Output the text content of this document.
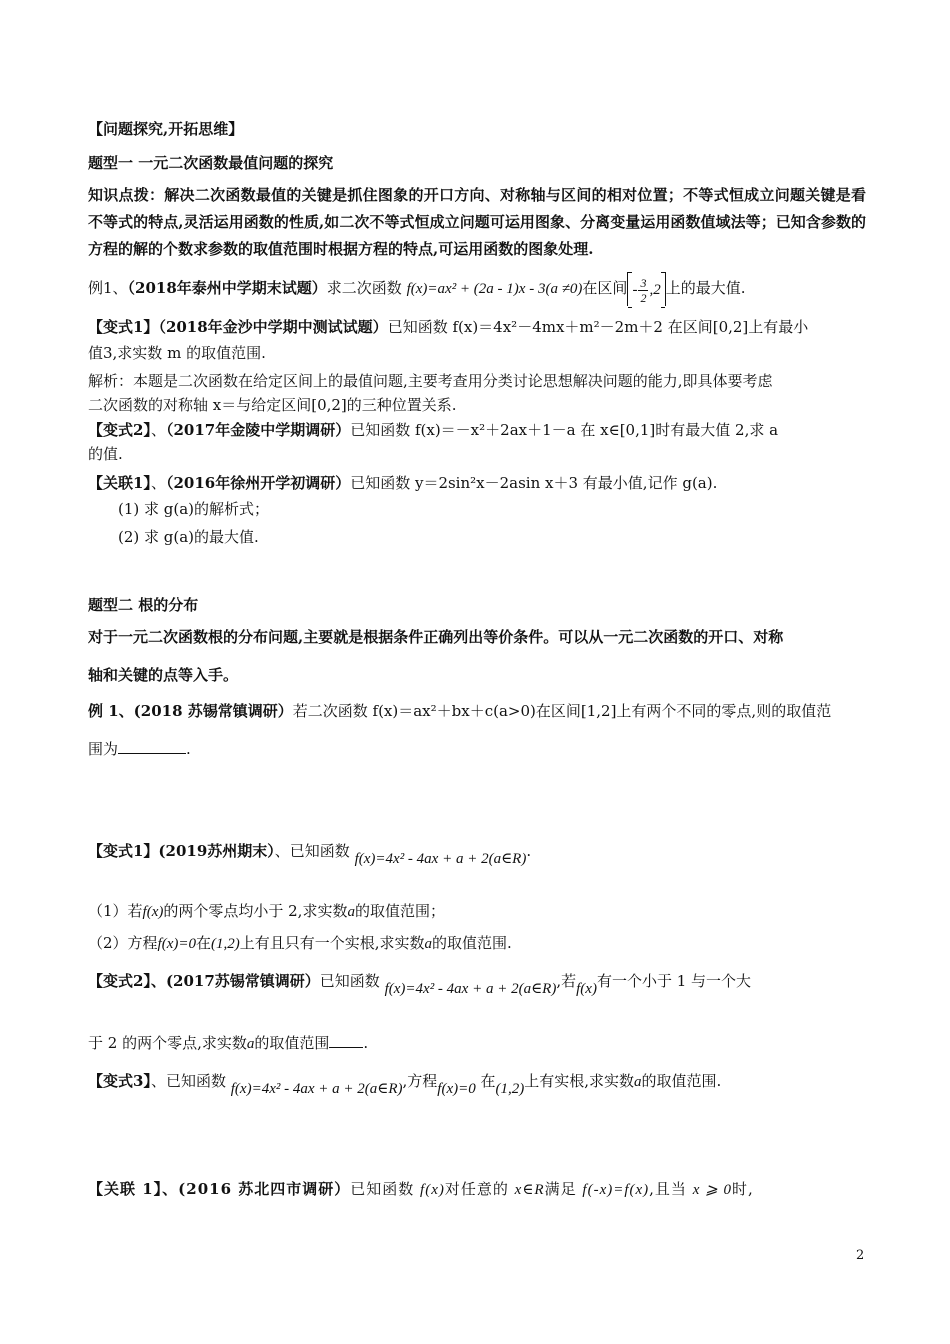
【问题探究,开拓思维】
题型一 一元二次函数最值问题的探究
知识点拨：解决二次函数最值的关键是抓住图象的开口方向、对称轴与区间的相对位置；不等式恒成立问题关键是看不等式的特点,灵活运用函数的性质,如二次不等式恒成立问题可运用图象、分离变量运用函数值域法等；已知含参数的方程的解的个数求参数的取值范围时根据方程的特点,可运用函数的图象处理.
例1、（2018年泰州中学期末试题）求二次函数 f(x)=ax² + (2a - 1)x - 3(a ≠0)在区间 - $\frac{3}{2} ,2$ 上的最大值.
【变式1】（2018年金沙中学期中测试试题）已知函数 f(x)＝4x²－4mx＋m²－2m＋2 在区间[0,2]上有最小
值3,求实数 m 的取值范围.
解析：本题是二次函数在给定区间上的最值问题,主要考查用分类讨论思想解决问题的能力,即具体要考虑
二次函数的对称轴 x＝与给定区间[0,2]的三种位置关系.
【变式2】、（2017年金陵中学期调研）已知函数 f(x)＝－x²＋2ax＋1－a 在 x∈[0,1]时有最大值 2,求 a
的值.
【关联1】、（2016年徐州开学初调研）已知函数 y＝2sin²x－2asin x＋3 有最小值,记作 g(a).
(1) 求 g(a)的解析式；
(2) 求 g(a)的最大值.
题型二 根的分布
对于一元二次函数根的分布问题,主要就是根据条件正确列出等价条件。可以从一元二次函数的开口、对称
轴和关键的点等入手。
例 1、(2018 苏锡常镇调研）若二次函数 f(x)＝ax²＋bx＋c(a>0)在区间[1,2]上有两个不同的零点,则的取值范
围为	.
【变式1】(2019苏州期末）、已知函数 f(x)=4x² - 4ax + a + 2(a∈R).
（1）若f(x)的两个零点均小于 2,求实数a的取值范围；
（2）方程f(x)=0在(1,2)上有且只有一个实根,求实数a的取值范围.
【变式2】、(2017苏锡常镇调研）已知函数 f(x)=4x² - 4ax + a + 2(a∈R),若f(x)有一个小于 1 与一个大
于 2 的两个零点,求实数a的取值范围 .
【变式3】、已知函数 f(x)=4x² - 4ax + a + 2(a∈R),方程f(x)=0 在(1,2)上有实根,求实数a的取值范围.
【关联 1】、(2016 苏北四市调研）已知函数 f(x)对任意的 x∈R满足 f(-x)=f(x),且当 x ⩾ 0时,
2
